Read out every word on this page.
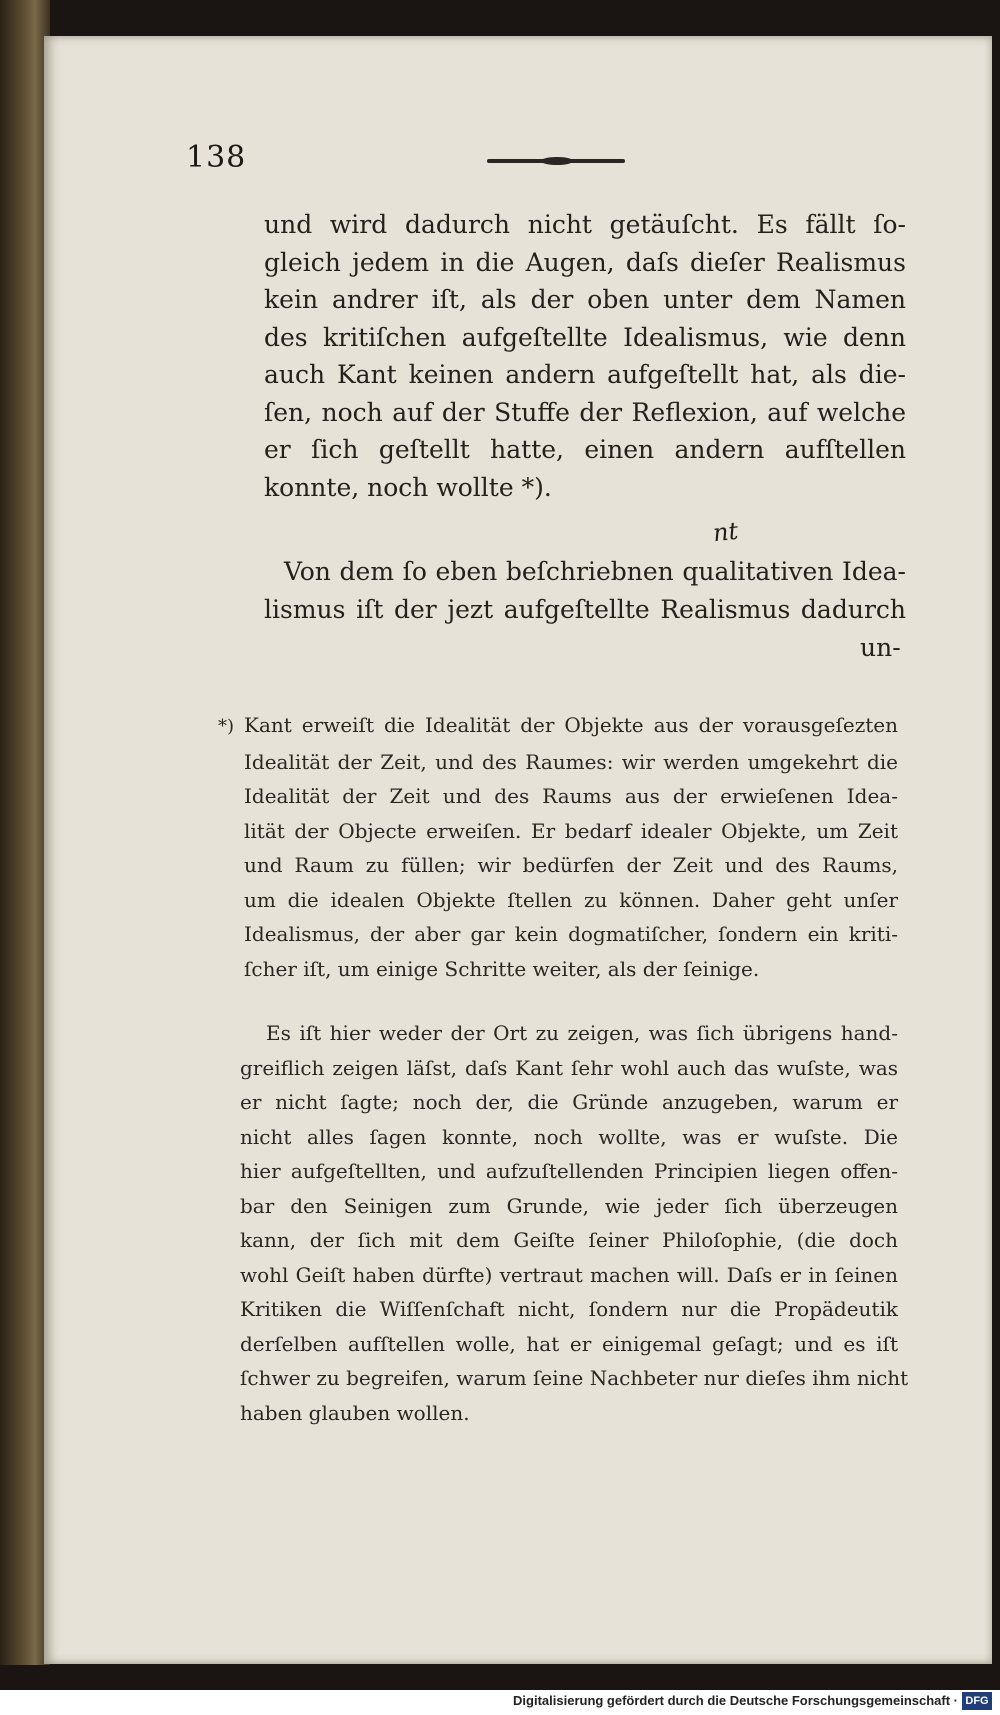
138
und wird dadurch nicht getäuſcht. Es fällt ſo-
gleich jedem in die Augen, daſs dieſer Realismus
kein andrer iſt, als der oben unter dem Namen
des kritiſchen aufgeſtellte Idealismus, wie denn
auch Kant keinen andern aufgeſtellt hat, als die-
ſen, noch auf der Stuffe der Reflexion, auf welche
er ſich geſtellt hatte, einen andern aufſtellen
konnte, noch wollte *).
nt
Von dem ſo eben beſchriebnen qualitativen Idea-
lismus iſt der jezt aufgeſtellte Realismus dadurch
un-
*) Kant erweiſt die Idealität der Objekte aus der vorausgeſezten
Idealität der Zeit, und des Raumes: wir werden umgekehrt die
Idealität der Zeit und des Raums aus der erwieſenen Idea-
lität der Objecte erweiſen. Er bedarf idealer Objekte, um Zeit
und Raum zu füllen; wir bedürfen der Zeit und des Raums,
um die idealen Objekte ſtellen zu können. Daher geht unſer
Idealismus, der aber gar kein dogmatiſcher, ſondern ein kriti-
ſcher iſt, um einige Schritte weiter, als der ſeinige.
Es iſt hier weder der Ort zu zeigen, was ſich übrigens hand-
greiflich zeigen läſst, daſs Kant ſehr wohl auch das wuſste, was
er nicht ſagte; noch der, die Gründe anzugeben, warum er
nicht alles ſagen konnte, noch wollte, was er wuſste. Die
hier aufgeſtellten, und aufzuſtellenden Principien liegen offen-
bar den Seinigen zum Grunde, wie jeder ſich überzeugen
kann, der ſich mit dem Geiſte ſeiner Philoſophie, (die doch
wohl Geiſt haben dürfte) vertraut machen will. Daſs er in ſeinen
Kritiken die Wiſſenſchaft nicht, ſondern nur die Propädeutik
derſelben aufſtellen wolle, hat er einigemal geſagt; und es iſt
ſchwer zu begreifen, warum ſeine Nachbeter nur dieſes ihm nicht
haben glauben wollen.
Digitalisierung gefördert durch die Deutsche Forschungsgemeinschaft · DFG
